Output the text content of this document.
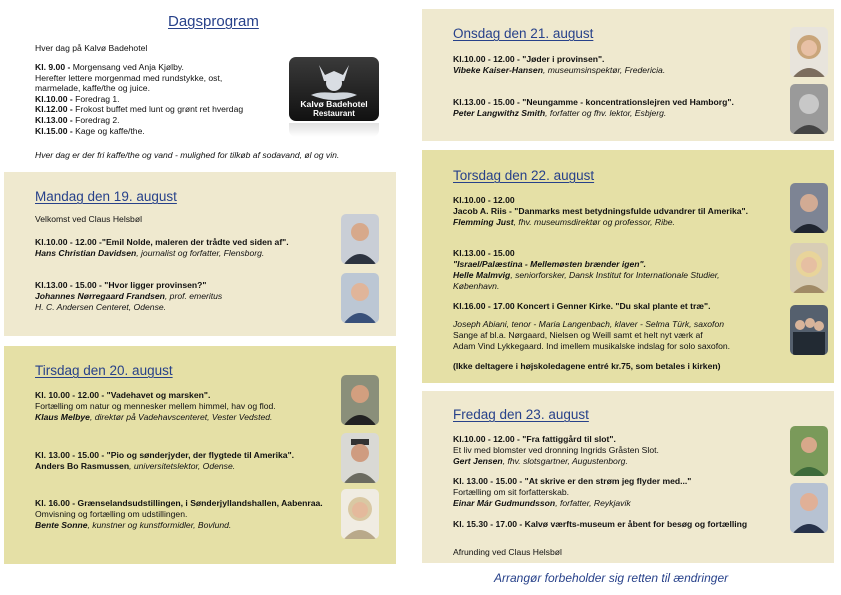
Dagsprogram
Hver dag på Kalvø Badehotel
Kl. 9.00 - Morgensang ved Anja Kjølby.
Herefter lettere morgenmad med rundstykke, ost,
marmelade, kaffe/the og juice.
Kl.10.00 - Foredrag 1.
Kl.12.00 - Frokost buffet med lunt og grønt ret hverdag
Kl.13.00 - Foredrag 2.
Kl.15.00 - Kage og kaffe/the.
Kalvø Badehotel
Restaurant
Hver dag er der fri kaffe/the og vand - mulighed for tilkøb af sodavand, øl og vin.
Mandag den 19. august
Velkomst ved Claus Helsbøl
Kl.10.00 - 12.00 -"Emil Nolde, maleren der trådte ved siden af".
Hans Christian Davidsen, journalist og forfatter, Flensborg.
Kl.13.00 - 15.00 - "Hvor ligger provinsen?"
Johannes Nørregaard Frandsen, prof. emeritus
H. C. Andersen Centeret, Odense.
Tirsdag den 20. august
Kl. 10.00 - 12.00 - "Vadehavet og marsken".
Fortælling om natur og mennesker mellem himmel, hav og flod.
Klaus Melbye, direktør på Vadehavscenteret, Vester Vedsted.
Kl. 13.00 - 15.00 - "Pio og sønderjyder, der flygtede til Amerika".
Anders Bo Rasmussen, universitetslektor, Odense.
Kl. 16.00 - Grænselandsudstillingen, i Sønderjyllandshallen, Aabenraa.
Omvisning og fortælling om udstillingen.
Bente Sonne, kunstner og kunstformidler, Bovlund.
Onsdag den 21. august
Kl.10.00 - 12.00 - "Jøder i provinsen".
Vibeke Kaiser-Hansen, museumsinspektør, Fredericia.
Kl.13.00 - 15.00 - "Neungamme - koncentrationslejren ved Hamborg".
Peter Langwithz Smith, forfatter og fhv. lektor, Esbjerg.
Torsdag den 22. august
Kl.10.00 - 12.00
Jacob A. Riis - "Danmarks mest betydningsfulde udvandrer til Amerika".
Flemming Just, fhv. museumsdirektør og professor, Ribe.
Kl.13.00 - 15.00
"Israel/Palæstina - Mellemøsten brænder igen".
Helle Malmvig, seniorforsker, Dansk Institut for Internationale Studier,
København.
Kl.16.00 - 17.00 Koncert i Genner Kirke. "Du skal plante et træ".
Joseph Abiani, tenor - Maria Langenbach, klaver - Selma Türk, saxofon
Sange af bl.a. Nørgaard, Nielsen og Weill samt et helt nyt værk af
Adam Vind Lykkegaard. Ind imellem musikalske indslag for solo saxofon.
(Ikke deltagere i højskoledagene entré kr.75, som betales i kirken)
Fredag den 23. august
Kl.10.00 - 12.00 - "Fra fattiggård til slot".
Et liv med blomster ved dronning Ingrids Gråsten Slot.
Gert Jensen, fhv. slotsgartner, Augustenborg.
Kl. 13.00 - 15.00 - "At skrive er den strøm jeg flyder med..."
Fortælling om sit forfatterskab.
Einar Már Gudmundsson, forfatter, Reykjavik
Kl. 15.30 - 17.00 - Kalvø værfts-museum er åbent for besøg og fortælling
Afrunding ved Claus Helsbøl
Arrangør forbeholder sig retten til ændringer
